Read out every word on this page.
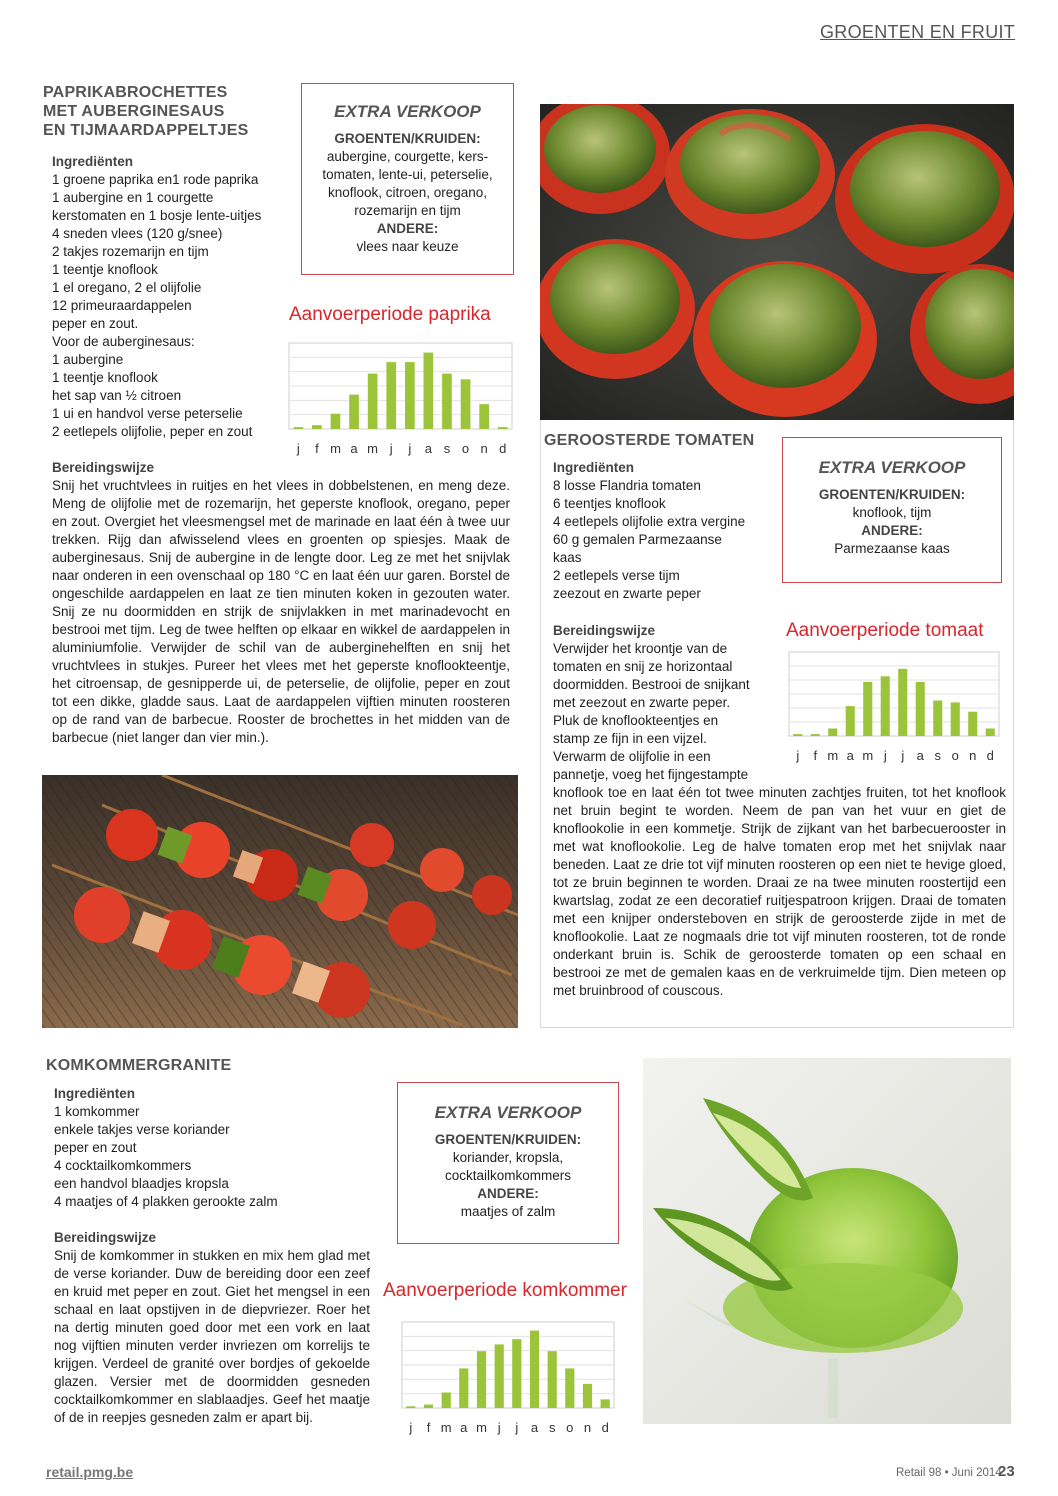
GROENTEN EN FRUIT
PAPRIKABROCHETTES
MET AUBERGINESAUS
EN TIJMAARDAPPELTJES
Ingrediënten
1 groene paprika en1 rode paprika
1 aubergine en 1 courgette
kerstomaten en 1 bosje lente-uitjes
4 sneden vlees (120 g/snee)
2 takjes rozemarijn en tijm
1 teentje knoflook
1 el oregano, 2 el olijfolie
12 primeuraardappelen
peper en zout.
Voor de auberginesaus:
1 aubergine
1 teentje knoflook
het sap van ½ citroen
1 ui en handvol verse peterselie
2 eetlepels olijfolie, peper en zout
EXTRA VERKOOP
GROENTEN/KRUIDEN:
aubergine, courgette, kers-
tomaten, lente-ui, peterselie,
knoflook, citroen, oregano,
rozemarijn en tijm
ANDERE:
vlees naar keuze
Aanvoerperiode paprika
j f m a m j j a s o n d
Bereidingswijze
Snij het vruchtvlees in ruitjes en het vlees in dobbelstenen, en meng deze. Meng de olijfolie met de rozemarijn, het geperste knoflook, oregano, peper en zout. Overgiet het vleesmengsel met de marinade en laat één à twee uur trekken. Rijg dan afwisselend vlees en groenten op spiesjes. Maak de auberginesaus. Snij de aubergine in de lengte door. Leg ze met het snijvlak naar onderen in een ovenschaal op 180 °C en laat één uur garen. Borstel de ongeschilde aardappelen en laat ze tien minuten koken in gezouten water. Snij ze nu doormidden en strijk de snijvlakken in met marinadevocht en bestrooi met tijm. Leg de twee helften op elkaar en wikkel de aardappelen in aluminiumfolie. Verwijder de schil van de auberginehelften en snij het vruchtvlees in stukjes. Pureer het vlees met het geperste knoflookteentje, het citroensap, de gesnipperde ui, de peterselie, de olijfolie, peper en zout tot een dikke, gladde saus. Laat de aardappelen vijftien minuten roosteren op de rand van de barbecue. Rooster de brochettes in het midden van de barbecue (niet langer dan vier min.).
GEROOSTERDE TOMATEN
Ingrediënten
8 losse Flandria tomaten
6 teentjes knoflook
4 eetlepels olijfolie extra vergine
60 g gemalen Parmezaanse
kaas
2 eetlepels verse tijm
zeezout en zwarte peper
EXTRA VERKOOP
GROENTEN/KRUIDEN:
knoflook, tijm
ANDERE:
Parmezaanse kaas
Bereidingswijze
Verwijder het kroontje van de
tomaten en snij ze horizontaal
doormidden. Bestrooi de snijkant
met zeezout en zwarte peper.
Pluk de knoflookteentjes en
stamp ze fijn in een vijzel.
Verwarm de olijfolie in een
pannetje, voeg het fijngestampte
Aanvoerperiode tomaat
j f m a m j j a s o n d
knoflook toe en laat één tot twee minuten zachtjes fruiten, tot het knoflook net bruin begint te worden. Neem de pan van het vuur en giet de knoflookolie in een kommetje. Strijk de zijkant van het barbecuerooster in met wat knoflookolie. Leg de halve tomaten erop met het snijvlak naar beneden. Laat ze drie tot vijf minuten roosteren op een niet te hevige gloed, tot ze bruin beginnen te worden. Draai ze na twee minuten roostertijd een kwartslag, zodat ze een decoratief ruitjespatroon krijgen. Draai de tomaten met een knijper ondersteboven en strijk de geroosterde zijde in met de knoflookolie. Laat ze nogmaals drie tot vijf minuten roosteren, tot de ronde onderkant bruin is. Schik de geroosterde tomaten op een schaal en bestrooi ze met de gemalen kaas en de verkruimelde tijm. Dien meteen op met bruinbrood of couscous.
KOMKOMMERGRANITE
Ingrediënten
1 komkommer
enkele takjes verse koriander
peper en zout
4 cocktailkomkommers
een handvol blaadjes kropsla
4 maatjes of 4 plakken gerookte zalm
Bereidingswijze
Snij de komkommer in stukken en mix hem glad met de verse koriander. Duw de bereiding door een zeef en kruid met peper en zout. Giet het mengsel in een schaal en laat opstijven in de diepvriezer. Roer het na dertig minuten goed door met een vork en laat nog vijftien minuten verder invriezen om korrelijs te krijgen. Verdeel de granité over bordjes of gekoelde glazen. Versier met de doormidden gesneden cocktailkomkommer en slablaadjes. Geef het maatje of de in reepjes gesneden zalm er apart bij.
EXTRA VERKOOP
GROENTEN/KRUIDEN:
koriander, kropsla,
cocktailkomkommers
ANDERE:
maatjes of zalm
Aanvoerperiode komkommer
j f m a m j j a s o n d
retail.pmg.be	Retail 98 • Juni 2014
23
